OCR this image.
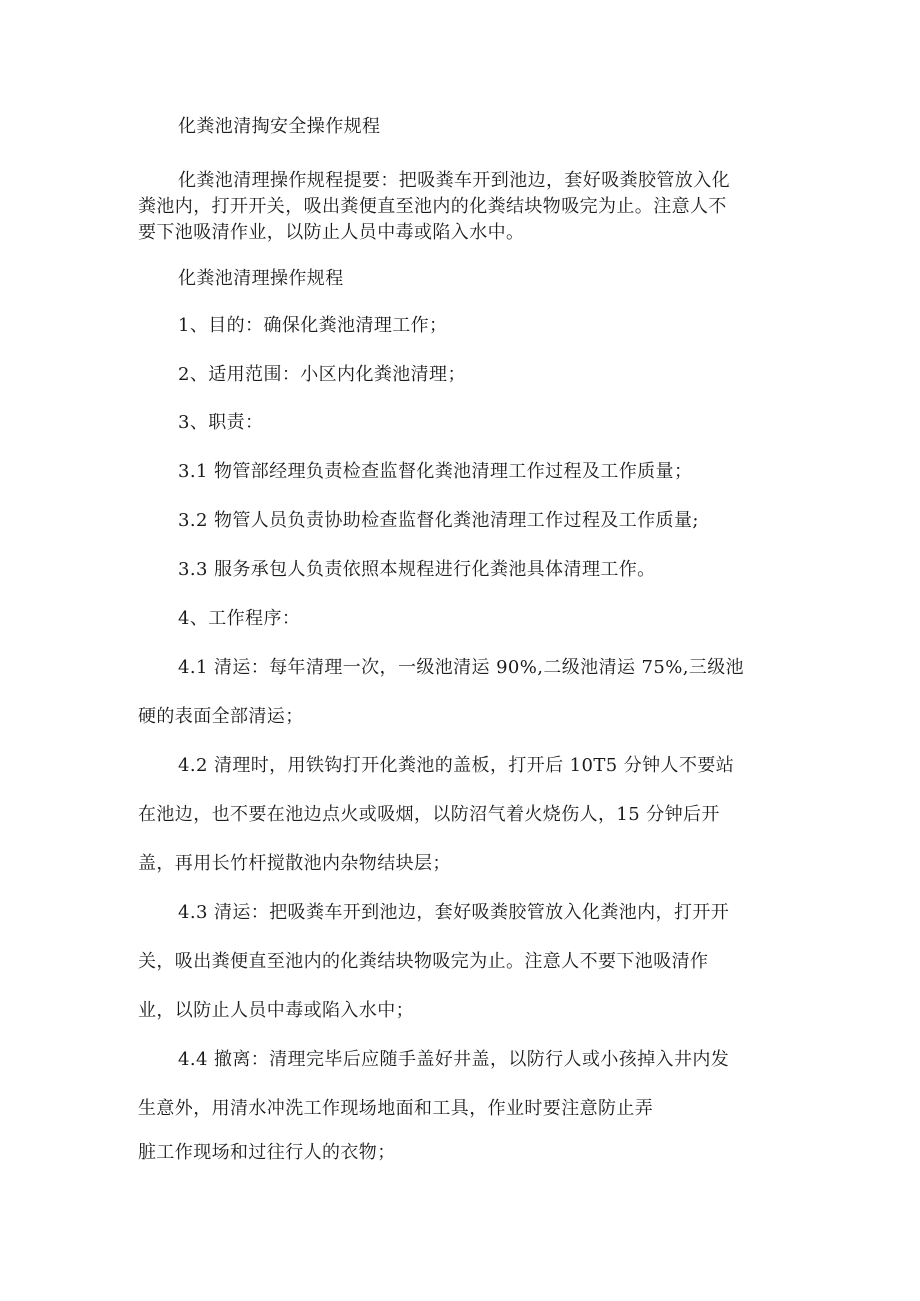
化粪池清掏安全操作规程
化粪池清理操作规程提要：把吸粪车开到池边，套好吸粪胶管放入化
粪池内，打开开关，吸出粪便直至池内的化粪结块物吸完为止。注意人不
要下池吸清作业，以防止人员中毒或陷入水中。
化粪池清理操作规程
1、目的：确保化粪池清理工作；
2、适用范围：小区内化粪池清理；
3、职责：
3.1 物管部经理负责检查监督化粪池清理工作过程及工作质量；
3.2 物管人员负责协助检查监督化粪池清理工作过程及工作质量;
3.3 服务承包人负责依照本规程进行化粪池具体清理工作。
4、工作程序：
4.1 清运：每年清理一次，一级池清运 90%,二级池清运 75%,三级池
硬的表面全部清运；
4.2 清理时，用铁钩打开化粪池的盖板，打开后 10T5 分钟人不要站
在池边，也不要在池边点火或吸烟，以防沼气着火烧伤人，15 分钟后开
盖，再用长竹杆搅散池内杂物结块层；
4.3 清运：把吸粪车开到池边，套好吸粪胶管放入化粪池内，打开开
关，吸出粪便直至池内的化粪结块物吸完为止。注意人不要下池吸清作
业，以防止人员中毒或陷入水中；
4.4 撤离：清理完毕后应随手盖好井盖，以防行人或小孩掉入井内发
生意外，用清水冲洗工作现场地面和工具，作业时要注意防止弄
脏工作现场和过往行人的衣物；
